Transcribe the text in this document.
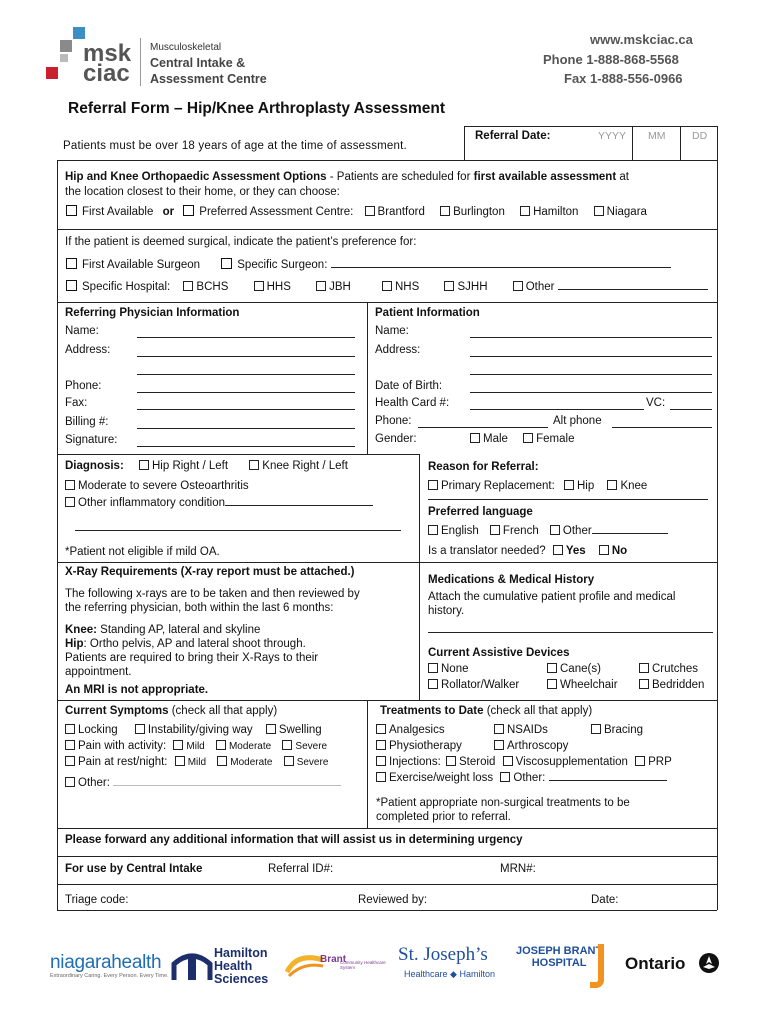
msk
ciac
Musculoskeletal
Central Intake &
Assessment Centre
www.mskciac.ca
Phone 1-888-868-5568
Fax 1-888-556-0966
Referral Form – Hip/Knee Arthroplasty Assessment
Patients must be over 18 years of age at the time of assessment.
Referral Date:	YYYY MM	DD
Hip and Knee Orthopaedic Assessment Options - Patients are scheduled for first available assessment at
the location closest to their home, or they can choose:
First Available or Preferred Assessment Centre: Brantford Burlington Hamilton Niagara
If the patient is deemed surgical, indicate the patient’s preference for:
First Available Surgeon	Specific Surgeon:
Specific Hospital: BCHS	HHS	JBH	NHS	SJHH	Other
Referring Physician Information	Patient Information
Name:
Address:
Phone:
Fax:
Billing #:
Signature:
Name:
Address:
Date of Birth:
Health Card #:	VC:
Phone:	Alt phone
Gender:	Male Female
Diagnosis: Hip Right / Left	Knee Right / Left
Moderate to severe Osteoarthritis
Other inflammatory condition
*Patient not eligible if mild OA.
Reason for Referral:
Primary Replacement: Hip Knee
Preferred language
English French Other
Is a translator needed? Yes No
X-Ray Requirements (X-ray report must be attached.)
The following x-rays are to be taken and then reviewed by
the referring physician, both within the last 6 months:
Knee: Standing AP, lateral and skyline
Hip: Ortho pelvis, AP and lateral shoot through.
Patients are required to bring their X-Rays to their
appointment.
An MRI is not appropriate.
Medications & Medical History
Attach the cumulative patient profile and medical
history.
Current Assistive Devices
None	Cane(s)	Crutches
Rollator/Walker	Wheelchair	Bedridden
Current Symptoms (check all that apply)
Locking	Instability/giving way Swelling
Pain with activity: Mild Moderate Severe
Pain at rest/night: Mild Moderate Severe
Other:
Treatments to Date (check all that apply)
Analgesics	NSAIDs	Bracing
Physiotherapy	Arthroscopy
Injections: Steroid Viscosupplementation PRP
Exercise/weight loss Other:
*Patient appropriate non-surgical treatments to be
completed prior to referral.
Please forward any additional information that will assist us in determining urgency
For use by Central Intake	Referral ID#:	MRN#:
Triage code:	Reviewed by:	Date:
niagarahealth
Extraordinary Caring. Every Person. Every Time.
Hamilton
Health
Sciences
Brant
Community Healthcare System
St. Joseph’s
Healthcare ◆ Hamilton
JOSEPH BRANT
HOSPITAL	Ontario
